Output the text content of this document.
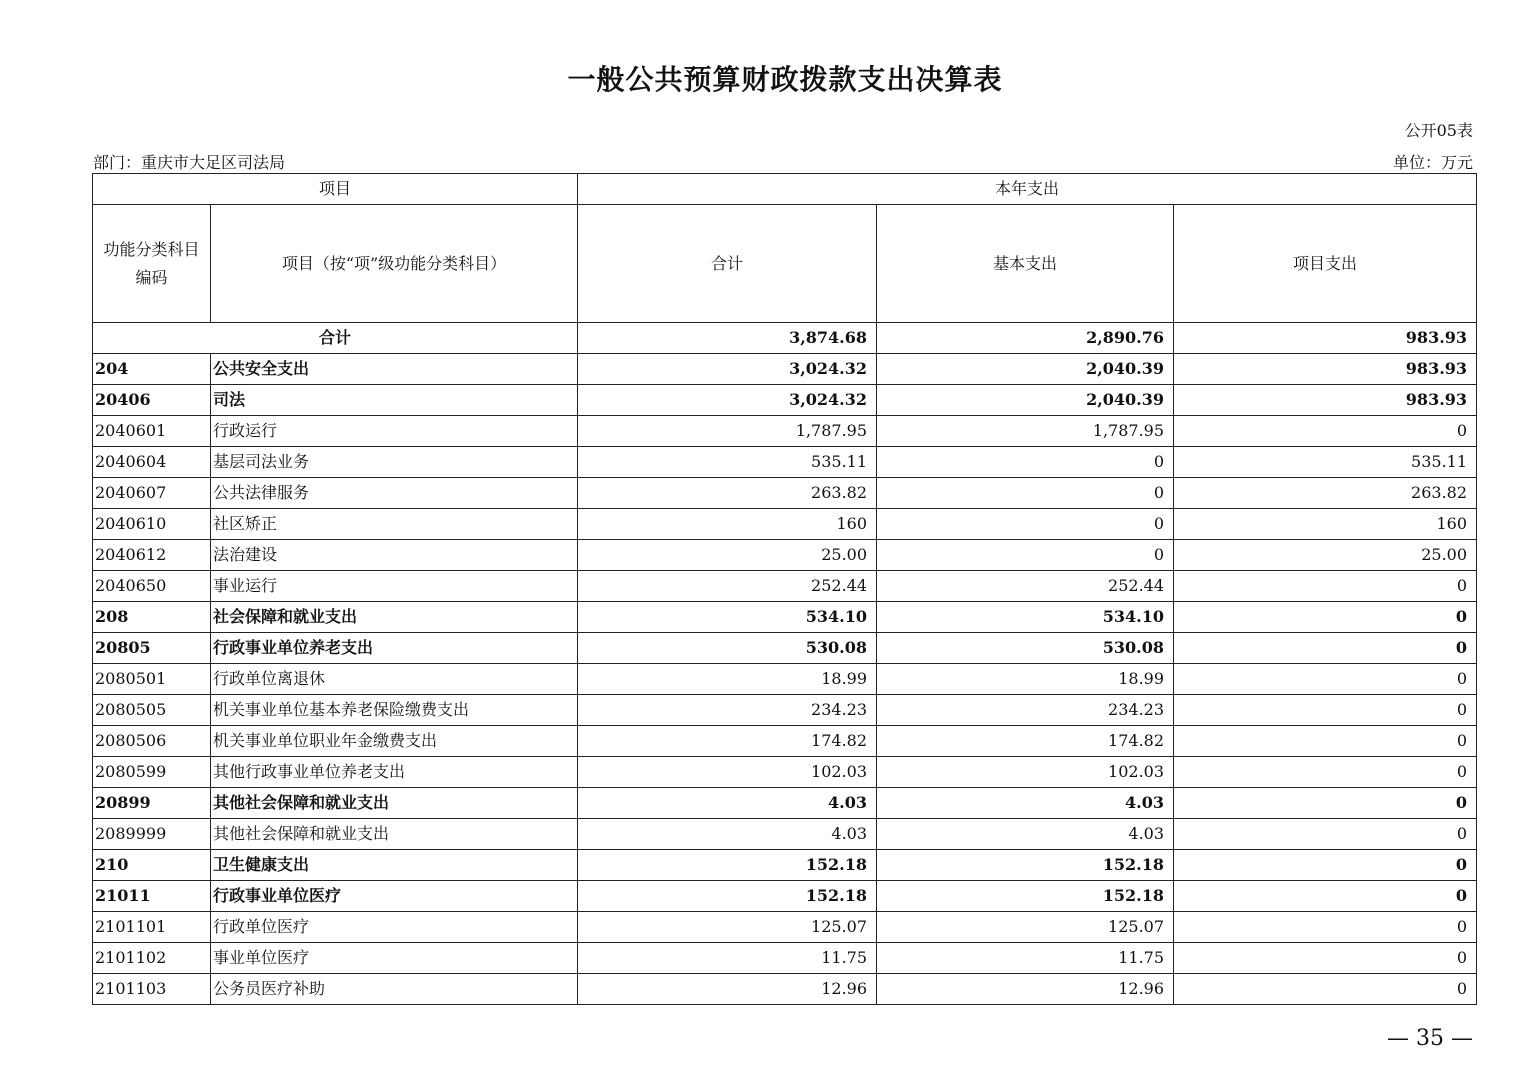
一般公共预算财政拨款支出决算表
公开05表
部门：重庆市大足区司法局	单位：万元
项目		本年支出		

功能分类科目
编码	项目（按“项”级功能分类科目）	合计	基本支出	项目支出
合计		3,874.68	2,890.76	983.93
204	公共安全支出	3,024.32	2,040.39	983.93
20406	司法	3,024.32	2,040.39	983.93
2040601	行政运行	1,787.95	1,787.95	0
2040604	基层司法业务	535.11	0	535.11
2040607	公共法律服务	263.82	0	263.82
2040610	社区矫正	160	0	160
2040612	法治建设	25.00	0	25.00
2040650	事业运行	252.44	252.44	0
208	社会保障和就业支出	534.10	534.10	0
20805	行政事业单位养老支出	530.08	530.08	0
2080501	行政单位离退休	18.99	18.99	0
2080505	机关事业单位基本养老保险缴费支出	234.23	234.23	0
2080506	机关事业单位职业年金缴费支出	174.82	174.82	0
2080599	其他行政事业单位养老支出	102.03	102.03	0
20899	其他社会保障和就业支出	4.03	4.03	0
2089999	其他社会保障和就业支出	4.03	4.03	0
210	卫生健康支出	152.18	152.18	0
21011	行政事业单位医疗	152.18	152.18	0
2101101	行政单位医疗	125.07	125.07	0
2101102	事业单位医疗	11.75	11.75	0
2101103	公务员医疗补助	12.96	12.96	0
— 35 —
